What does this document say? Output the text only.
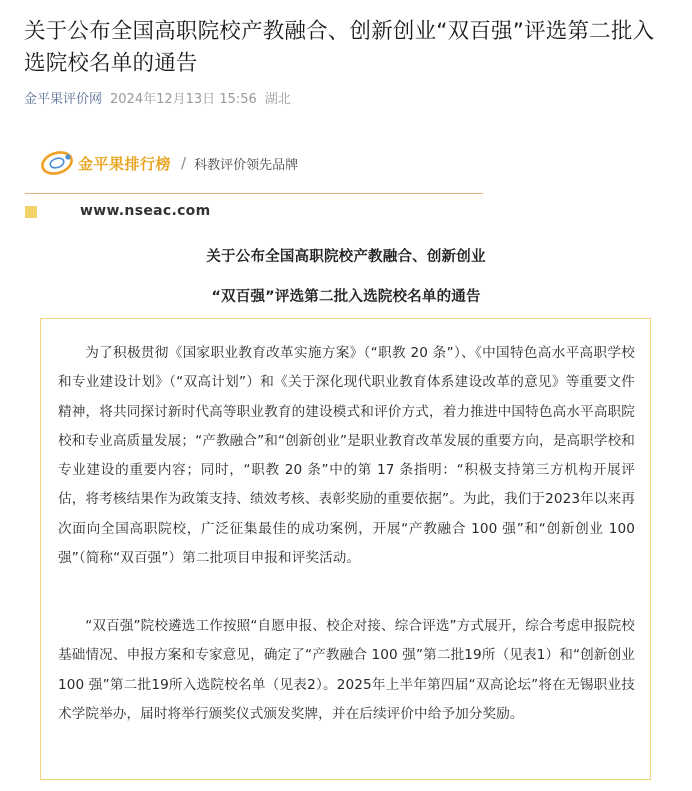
关于公布全国高职院校产教融合、创新创业“双百强”评选第二批入选院校名单的通告
金平果评价网 2024年12月13日 15:56 湖北
金平果排行榜 / 科教评价领先品牌
www.nseac.com
关于公布全国高职院校产教融合、创新创业
“双百强”评选第二批入选院校名单的通告

为了积极贯彻《国家职业教育改革实施方案》（“职教 20 条”）、《中国特色高水平高职学校和专业建设计划》（“双高计划”）和《关于深化现代职业教育体系建设改革的意见》等重要文件精神，将共同探讨新时代高等职业教育的建设模式和评价方式，着力推进中国特色高水平高职院校和专业高质量发展；“产教融合”和“创新创业”是职业教育改革发展的重要方向，是高职学校和专业建设的重要内容；同时，“职教 20 条”中的第 17 条指明：“积极支持第三方机构开展评估，将考核结果作为政策支持、绩效考核、表彰奖励的重要依据”。为此，我们于2023年以来再次面向全国高职院校，广泛征集最佳的成功案例，开展“产教融合 100 强”和“创新创业 100 强”（简称“双百强”）第二批项目申报和评奖活动。

“双百强”院校遴选工作按照“自愿申报、校企对接、综合评选”方式展开，综合考虑申报院校基础情况、申报方案和专家意见，确定了“产教融合 100 强”第二批19所（见表1）和“创新创业 100 强”第二批19所入选院校名单（见表2）。2025年上半年第四届“双高论坛”将在无锡职业技术学院举办，届时将举行颁奖仪式颁发奖牌，并在后续评价中给予加分奖励。
